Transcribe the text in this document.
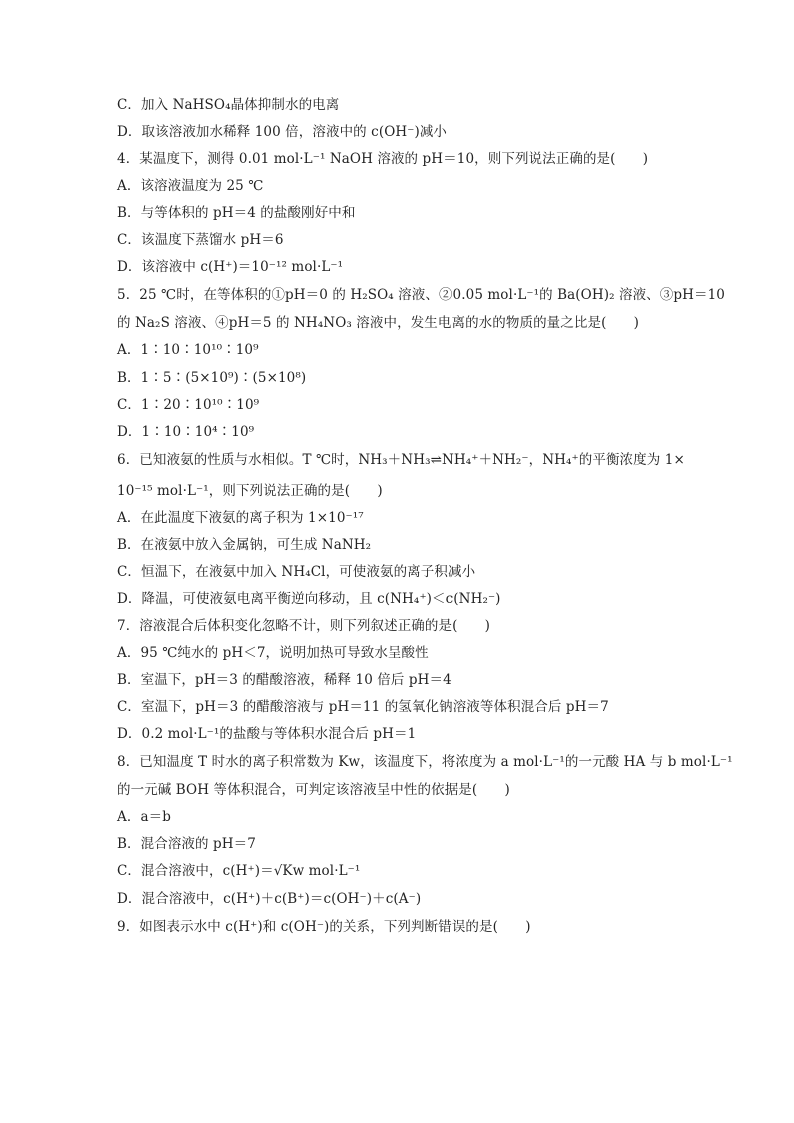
C．加入 NaHSO₄晶体抑制水的电离
D．取该溶液加水稀释 100 倍，溶液中的 c(OH⁻)减小
4．某温度下，测得 0.01 mol·L⁻¹ NaOH 溶液的 pH＝10，则下列说法正确的是(　　)
A．该溶液温度为 25 ℃
B．与等体积的 pH＝4 的盐酸刚好中和
C．该温度下蒸馏水 pH＝6
D．该溶液中 c(H⁺)＝10⁻¹² mol·L⁻¹
5．25 ℃时，在等体积的①pH＝0 的 H₂SO₄ 溶液、②0.05 mol·L⁻¹的 Ba(OH)₂ 溶液、③pH＝10
的 Na₂S 溶液、④pH＝5 的 NH₄NO₃ 溶液中，发生电离的水的物质的量之比是(　　)
A．1∶10∶10¹⁰∶10⁹
B．1∶5∶(5×10⁹)∶(5×10⁸)
C．1∶20∶10¹⁰∶10⁹
D．1∶10∶10⁴∶10⁹
6．已知液氨的性质与水相似。T ℃时，NH₃＋NH₃⇌NH₄⁺＋NH₂⁻，NH₄⁺的平衡浓度为 1×
10⁻¹⁵ mol·L⁻¹，则下列说法正确的是(　　)
A．在此温度下液氨的离子积为 1×10⁻¹⁷
B．在液氨中放入金属钠，可生成 NaNH₂
C．恒温下，在液氨中加入 NH₄Cl，可使液氨的离子积减小
D．降温，可使液氨电离平衡逆向移动，且 c(NH₄⁺)＜c(NH₂⁻)
7．溶液混合后体积变化忽略不计，则下列叙述正确的是(　　)
A．95 ℃纯水的 pH＜7，说明加热可导致水呈酸性
B．室温下，pH＝3 的醋酸溶液，稀释 10 倍后 pH＝4
C．室温下，pH＝3 的醋酸溶液与 pH＝11 的氢氧化钠溶液等体积混合后 pH＝7
D．0.2 mol·L⁻¹的盐酸与等体积水混合后 pH＝1
8．已知温度 T 时水的离子积常数为 Kw，该温度下，将浓度为 a mol·L⁻¹的一元酸 HA 与 b mol·L⁻¹
的一元碱 BOH 等体积混合，可判定该溶液呈中性的依据是(　　)
A．a＝b
B．混合溶液的 pH＝7
C．混合溶液中，c(H⁺)＝√Kw mol·L⁻¹
D．混合溶液中，c(H⁺)＋c(B⁺)＝c(OH⁻)＋c(A⁻)
9．如图表示水中 c(H⁺)和 c(OH⁻)的关系，下列判断错误的是(　　)
